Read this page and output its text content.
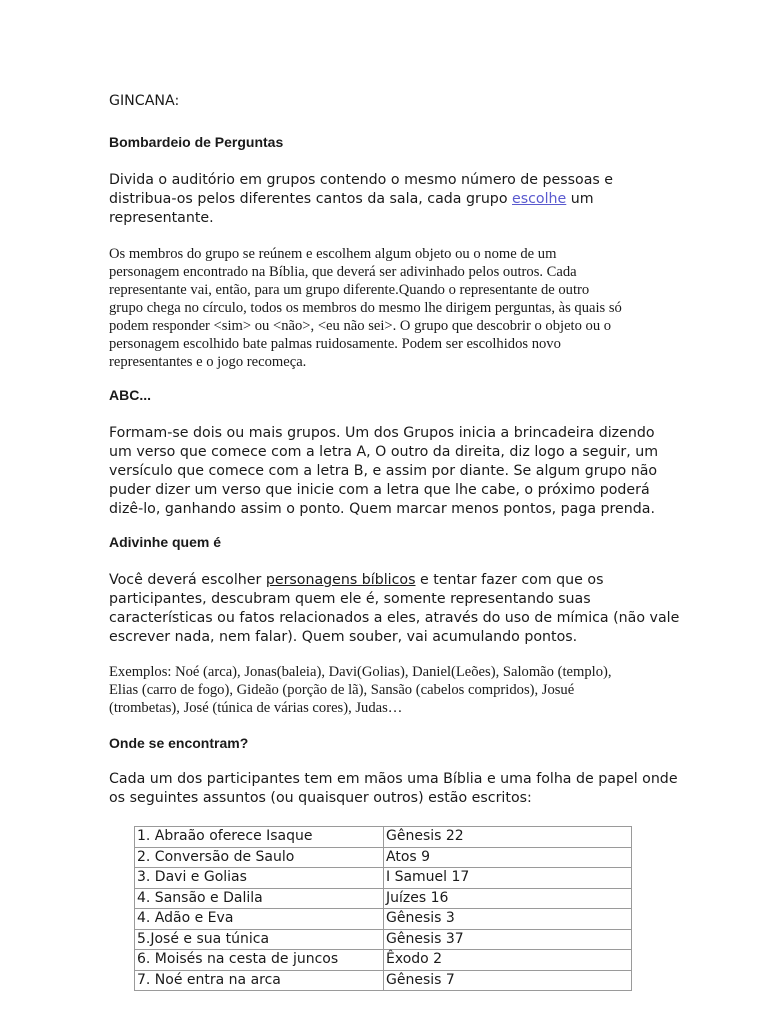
GINCANA:
Bombardeio de Perguntas
Divida o auditório em grupos contendo o mesmo número de pessoas e
distribua-os pelos diferentes cantos da sala, cada grupo escolhe um
representante.
Os membros do grupo se reúnem e escolhem algum objeto ou o nome de um
personagem encontrado na Bíblia, que deverá ser adivinhado pelos outros. Cada
representante vai, então, para um grupo diferente.Quando o representante de outro
grupo chega no círculo, todos os membros do mesmo lhe dirigem perguntas, às quais só
podem responder <sim> ou <não>, <eu não sei>. O grupo que descobrir o objeto ou o
personagem escolhido bate palmas ruidosamente. Podem ser escolhidos novo
representantes e o jogo recomeça.
ABC...
Formam-se dois ou mais grupos. Um dos Grupos inicia a brincadeira dizendo
um verso que comece com a letra A, O outro da direita, diz logo a seguir, um
versículo que comece com a letra B, e assim por diante. Se algum grupo não
puder dizer um verso que inicie com a letra que lhe cabe, o próximo poderá
dizê-lo, ganhando assim o ponto. Quem marcar menos pontos, paga prenda.
Adivinhe quem é
Você deverá escolher personagens bíblicos e tentar fazer com que os
participantes, descubram quem ele é, somente representando suas
características ou fatos relacionados a eles, através do uso de mímica (não vale
escrever nada, nem falar). Quem souber, vai acumulando pontos.
Exemplos: Noé (arca), Jonas(baleia), Davi(Golias), Daniel(Leões), Salomão (templo),
Elias (carro de fogo), Gideão (porção de lã), Sansão (cabelos compridos), Josué
(trombetas), José (túnica de várias cores), Judas…
Onde se encontram?
Cada um dos participantes tem em mãos uma Bíblia e uma folha de papel onde
os seguintes assuntos (ou quaisquer outros) estão escritos:
1. Abraão oferece Isaque	Gênesis 22
2. Conversão de Saulo	Atos 9
3. Davi e Golias	I Samuel 17
4. Sansão e Dalila	Juízes 16
4. Adão e Eva	Gênesis 3
5.José e sua túnica	Gênesis 37
6. Moisés na cesta de juncos	Êxodo 2
7. Noé entra na arca	Gênesis 7
